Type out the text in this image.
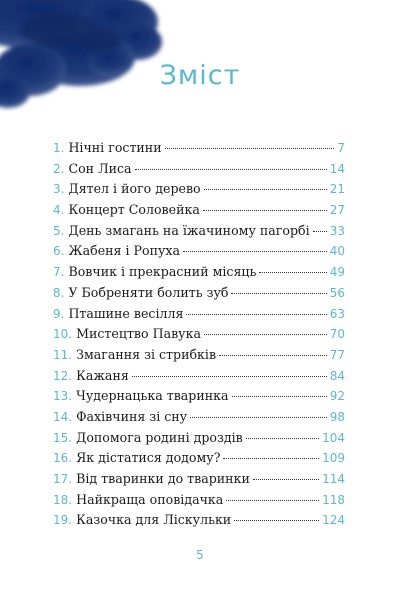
Зміст
1. Нічні гостини	7
2. Сон Лиса	14
3. Дятел і його дерево	21
4. Концерт Соловейка	27
5. День змагань на їжачиному пагорбі 33
6. Жабеня і Ропуха	40
7. Вовчик і прекрасний місяць	49
8. У Бобреняти болить зуб	56
9. Пташине весілля	63
10. Мистецтво Павука	70
11. Змагання зі стрибків	77
12. Кажаня	84
13. Чудернацька тваринка	92
14. Фахівчиня зі сну	98
15. Допомога родині дроздів	104
16. Як дістатися додому?	109
17. Від тваринки до тваринки	114
18. Найкраща оповідачка	118
19. Казочка для Ліскульки	124
5
